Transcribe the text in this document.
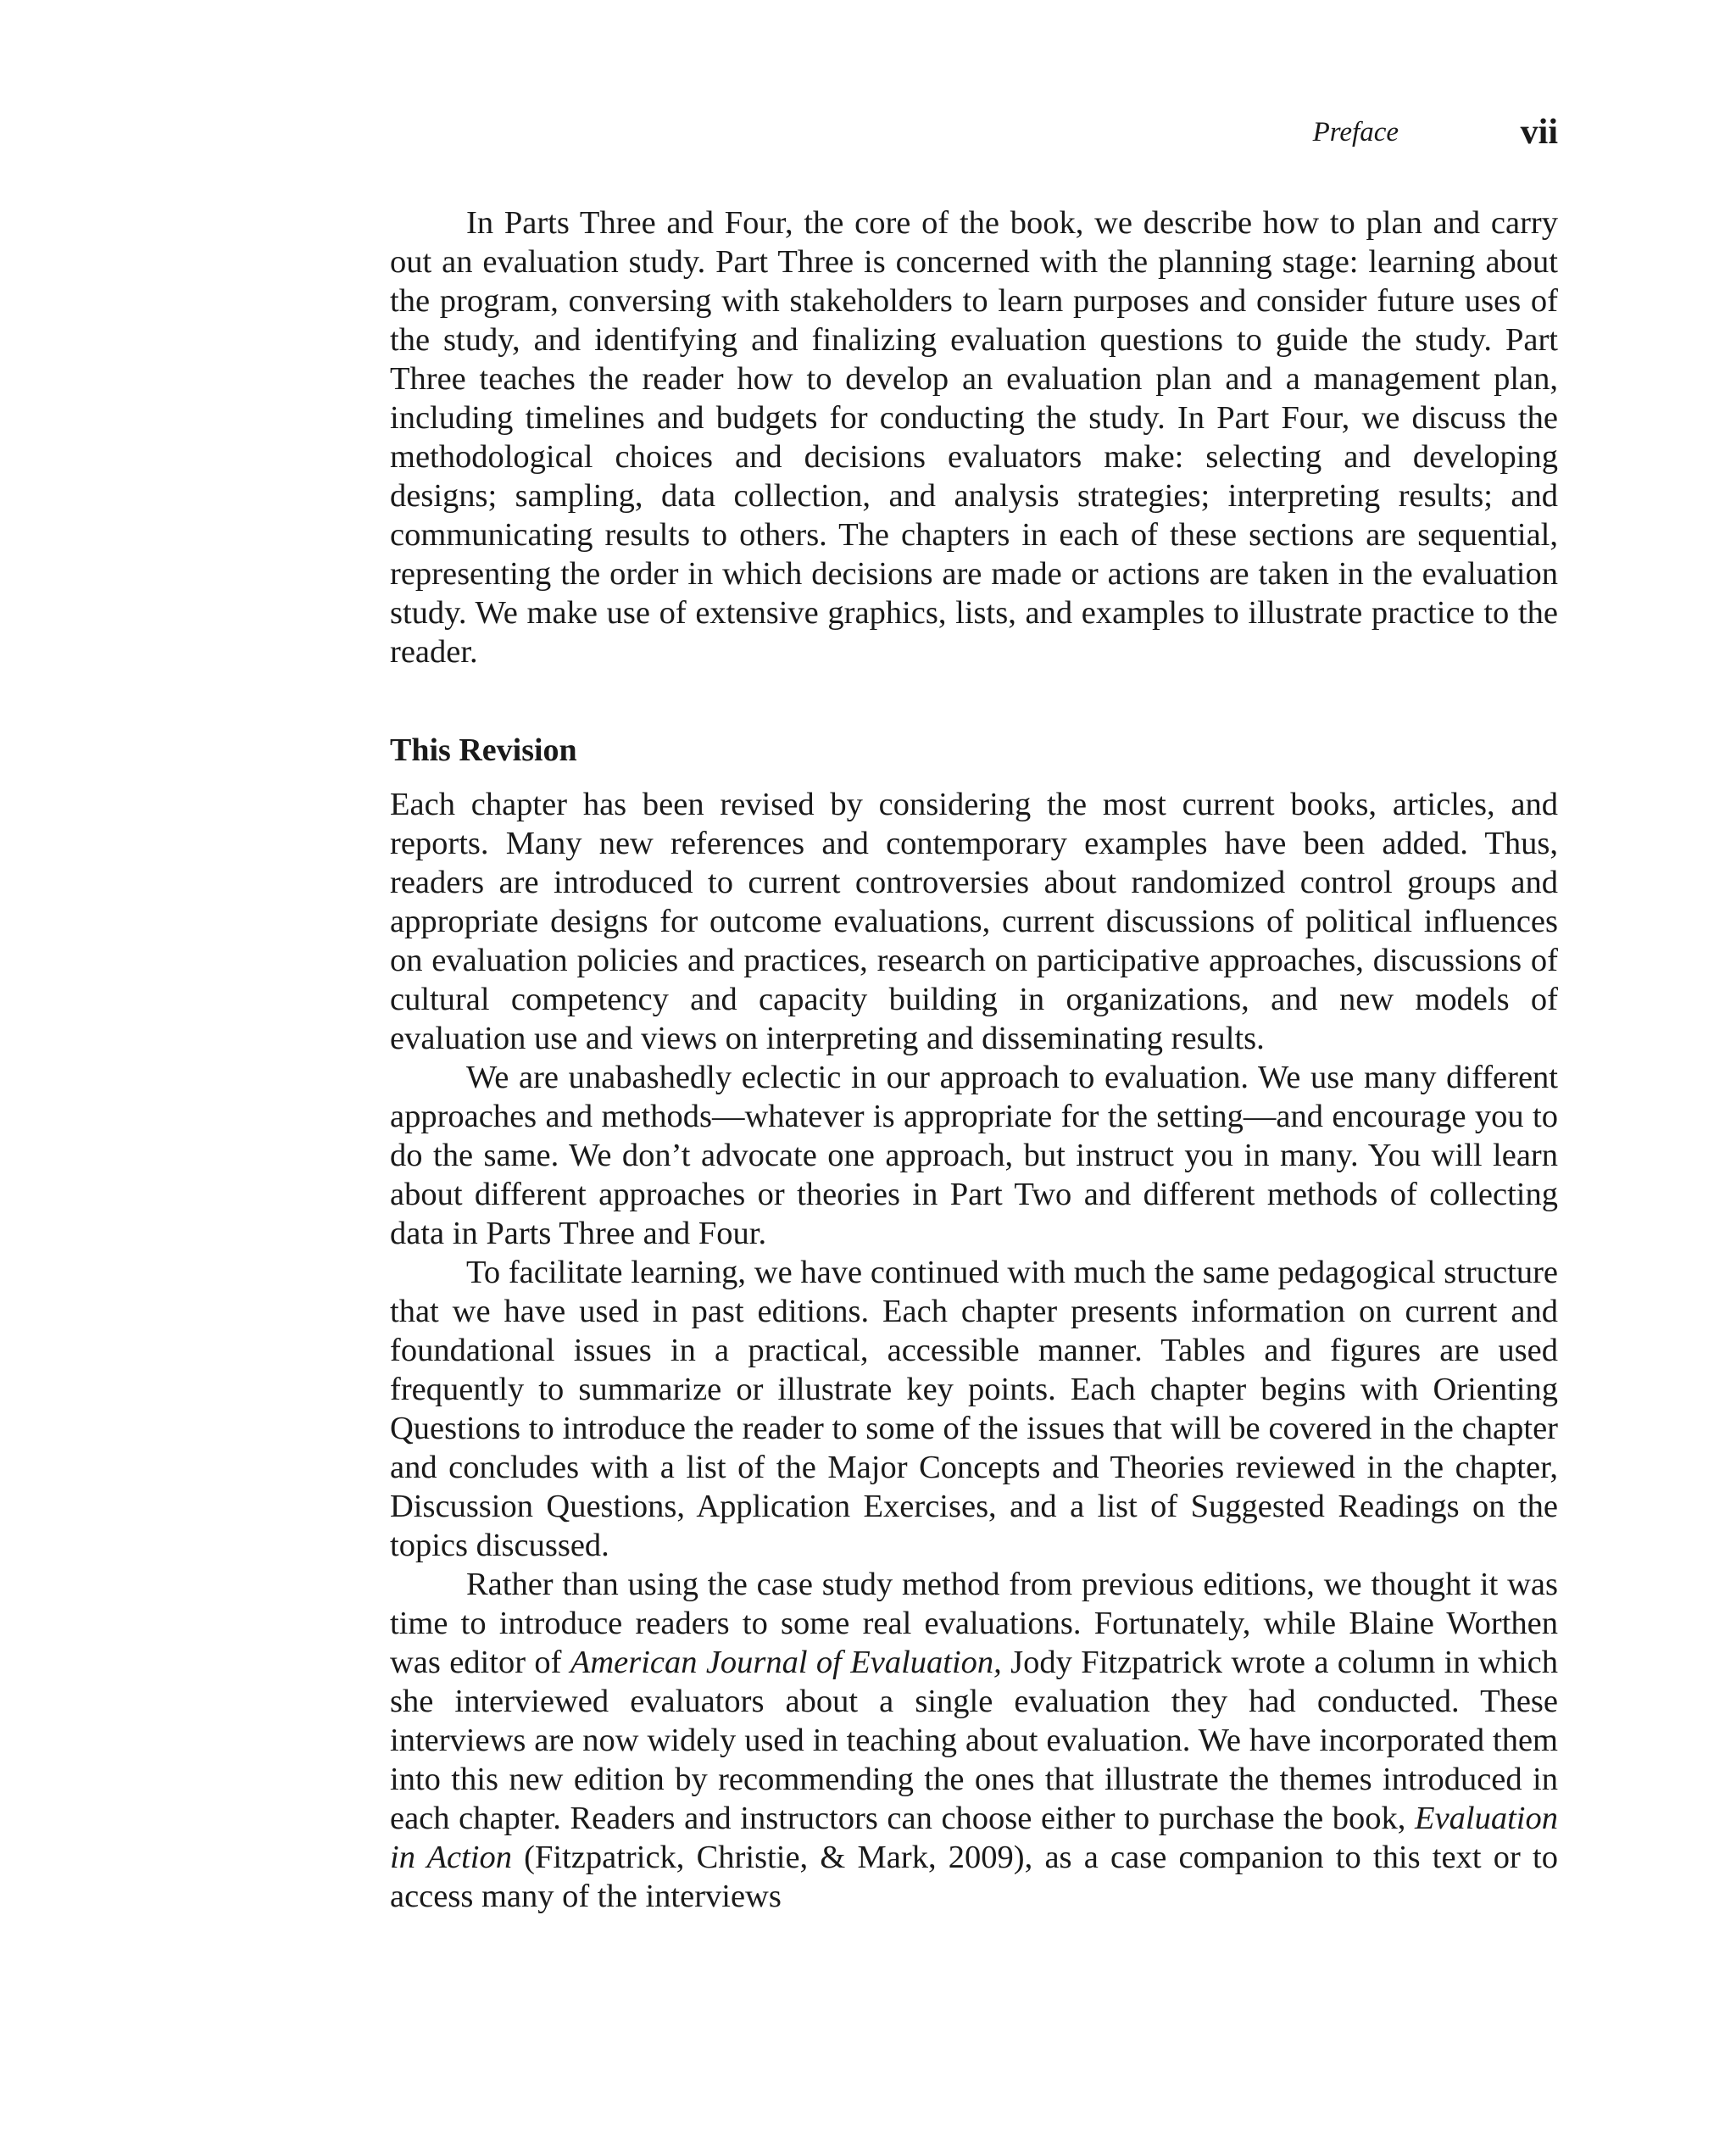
Preface	vii

In Parts Three and Four, the core of the book, we describe how to plan and carry out an evaluation study. Part Three is concerned with the planning stage: learning about the program, conversing with stakeholders to learn purposes and consider future uses of the study, and identifying and finalizing evaluation questions to guide the study. Part Three teaches the reader how to develop an evaluation plan and a management plan, including timelines and budgets for conducting the study. In Part Four, we discuss the methodological choices and decisions evaluators make: selecting and developing designs; sampling, data collection, and analysis strategies; interpreting results; and communicating results to others. The chapters in each of these sections are sequential, representing the order in which decisions are made or actions are taken in the evaluation study. We make use of extensive graphics, lists, and examples to illustrate practice to the reader.

This Revision

Each chapter has been revised by considering the most current books, articles, and reports. Many new references and contemporary examples have been added. Thus, readers are introduced to current controversies about randomized control groups and appropriate designs for outcome evaluations, current discussions of political influences on evaluation policies and practices, research on participative approaches, discussions of cultural competency and capacity building in organizations, and new models of evaluation use and views on interpreting and disseminating results.

We are unabashedly eclectic in our approach to evaluation. We use many different approaches and methods—whatever is appropriate for the setting—and encourage you to do the same. We don’t advocate one approach, but instruct you in many. You will learn about different approaches or theories in Part Two and different methods of collecting data in Parts Three and Four.

To facilitate learning, we have continued with much the same pedagogical structure that we have used in past editions. Each chapter presents information on current and foundational issues in a practical, accessible manner. Tables and figures are used frequently to summarize or illustrate key points. Each chapter begins with Orienting Questions to introduce the reader to some of the issues that will be covered in the chapter and concludes with a list of the Major Concepts and Theories reviewed in the chapter, Discussion Questions, Application Exercises, and a list of Suggested Readings on the topics discussed.

Rather than using the case study method from previous editions, we thought it was time to introduce readers to some real evaluations. Fortunately, while Blaine Worthen was editor of American Journal of Evaluation, Jody Fitzpatrick wrote a column in which she interviewed evaluators about a single evaluation they had conducted. These interviews are now widely used in teaching about evaluation. We have incorporated them into this new edition by recommending the ones that illustrate the themes introduced in each chapter. Readers and instructors can choose either to purchase the book, Evaluation in Action (Fitzpatrick, Christie, & Mark, 2009), as a case companion to this text or to access many of the interviews
